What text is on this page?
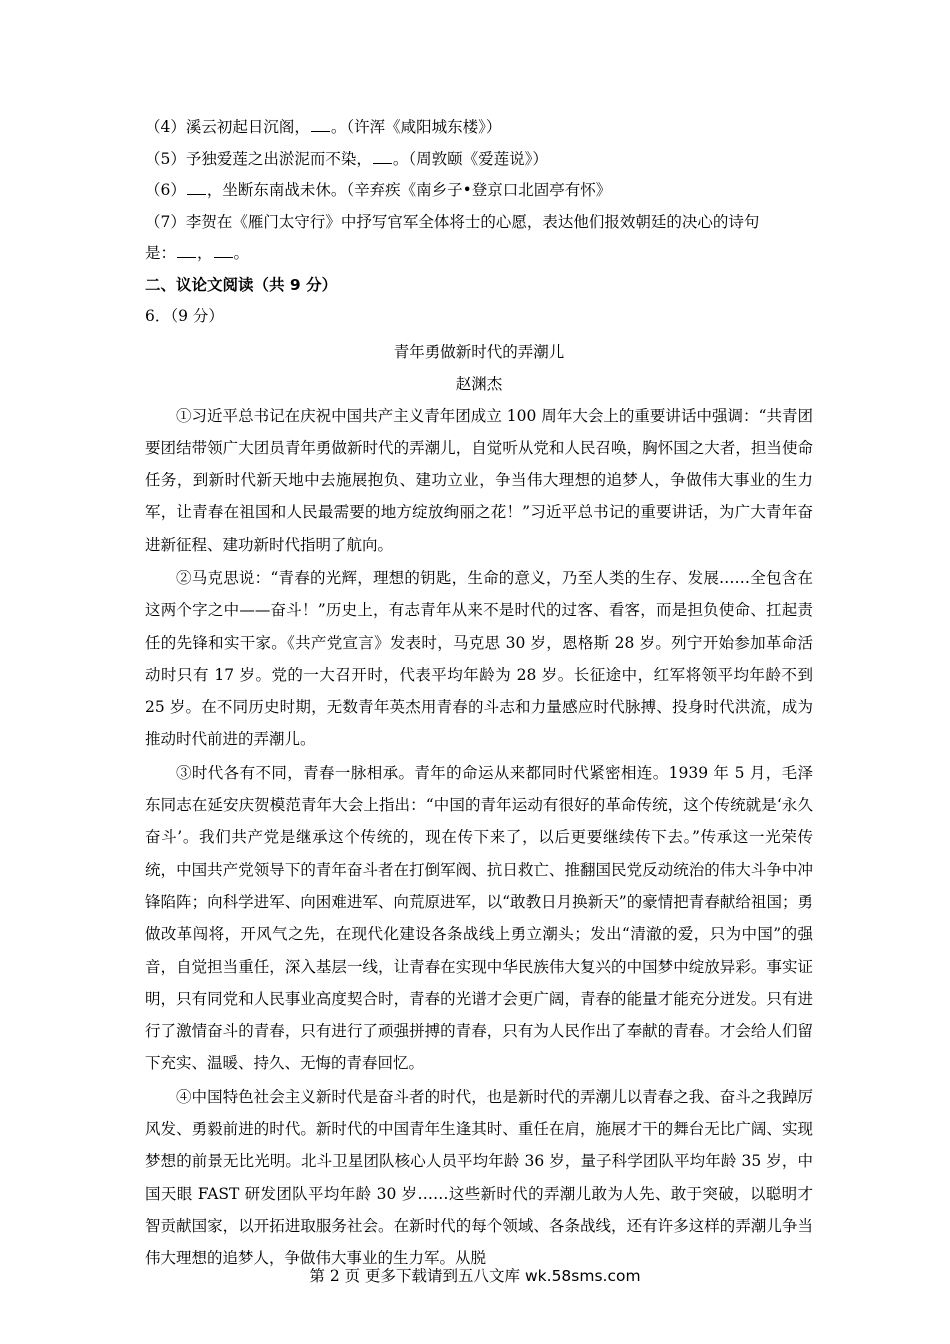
（4）溪云初起日沉阁， 。（许浑《咸阳城东楼》）
（5）予独爱莲之出淤泥而不染， 。（周敦颐《爱莲说》）
（6） ，坐断东南战未休。（辛弃疾《南乡子•登京口北固亭有怀》
（7）李贺在《雁门太守行》中抒写官军全体将士的心愿，表达他们报效朝廷的决心的诗句
是： ， 。
二、议论文阅读（共 9 分）
6．（9 分）
青年勇做新时代的弄潮儿
赵渊杰

①习近平总书记在庆祝中国共产主义青年团成立 100 周年大会上的重要讲话中强调：“共青团要团结带领广大团员青年勇做新时代的弄潮儿，自觉听从党和人民召唤，胸怀国之大者，担当使命任务，到新时代新天地中去施展抱负、建功立业，争当伟大理想的追梦人，争做伟大事业的生力军，让青春在祖国和人民最需要的地方绽放绚丽之花！”习近平总书记的重要讲话，为广大青年奋进新征程、建功新时代指明了航向。

②马克思说：“青春的光辉，理想的钥匙，生命的意义，乃至人类的生存、发展……全包含在这两个字之中——奋斗！”历史上，有志青年从来不是时代的过客、看客，而是担负使命、扛起责任的先锋和实干家。《共产党宣言》发表时，马克思 30 岁，恩格斯 28 岁。列宁开始参加革命活动时只有 17 岁。党的一大召开时，代表平均年龄为 28 岁。长征途中，红军将领平均年龄不到 25 岁。在不同历史时期，无数青年英杰用青春的斗志和力量感应时代脉搏、投身时代洪流，成为推动时代前进的弄潮儿。

③时代各有不同，青春一脉相承。青年的命运从来都同时代紧密相连。1939 年 5 月，毛泽东同志在延安庆贺模范青年大会上指出：“中国的青年运动有很好的革命传统，这个传统就是‘永久奋斗’。我们共产党是继承这个传统的，现在传下来了，以后更要继续传下去。”传承这一光荣传统，中国共产党领导下的青年奋斗者在打倒军阀、抗日救亡、推翻国民党反动统治的伟大斗争中冲锋陷阵；向科学进军、向困难进军、向荒原进军，以“敢教日月换新天”的豪情把青春献给祖国；勇做改革闯将，开风气之先，在现代化建设各条战线上勇立潮头；发出“清澈的爱，只为中国”的强音，自觉担当重任，深入基层一线，让青春在实现中华民族伟大复兴的中国梦中绽放异彩。事实证明，只有同党和人民事业高度契合时，青春的光谱才会更广阔，青春的能量才能充分迸发。只有进行了激情奋斗的青春，只有进行了顽强拼搏的青春，只有为人民作出了奉献的青春。才会给人们留下充实、温暖、持久、无悔的青春回忆。

④中国特色社会主义新时代是奋斗者的时代，也是新时代的弄潮儿以青春之我、奋斗之我踔厉风发、勇毅前进的时代。新时代的中国青年生逢其时、重任在肩，施展才干的舞台无比广阔、实现梦想的前景无比光明。北斗卫星团队核心人员平均年龄 36 岁，量子科学团队平均年龄 35 岁，中国天眼 FAST 研发团队平均年龄 30 岁……这些新时代的弄潮儿敢为人先、敢于突破，以聪明才智贡献国家，以开拓进取服务社会。在新时代的每个领域、各条战线，还有许多这样的弄潮儿争当伟大理想的追梦人，争做伟大事业的生力军。从脱

第 2 页 更多下载请到五八文库 wk.58sms.com
